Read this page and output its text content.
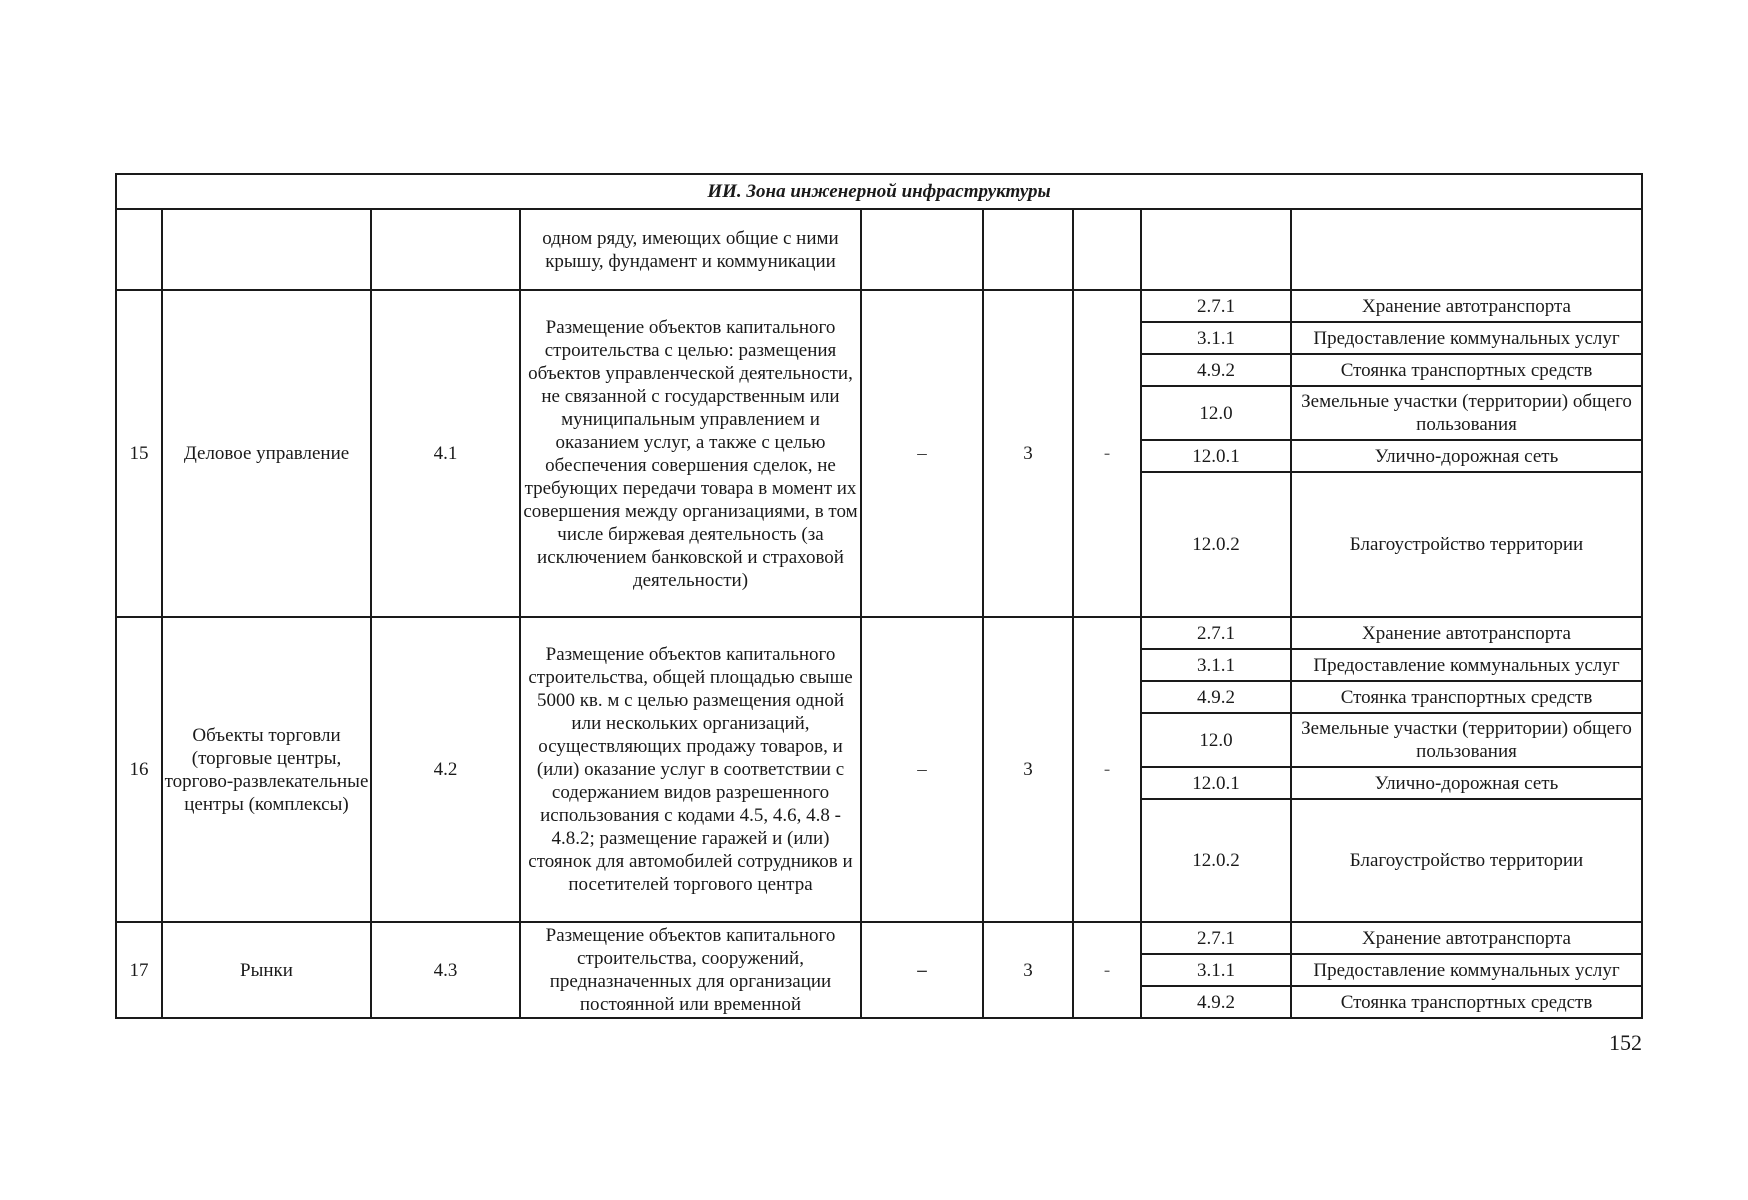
ИИ. Зона инженерной инфраструктуры								
			одном ряду, имеющих общие с ними крышу, фундамент и коммуникации					
15	Деловое управление	4.1	Размещение объектов капитального строительства с целью: размещения объектов управленческой деятельности, не связанной с государственным или муниципальным управлением и оказанием услуг, а также с целью обеспечения совершения сделок, не требующих передачи товара в момент их совершения между организациями, в том числе биржевая деятельность (за исключением банковской и страховой деятельности)	–	3	-	2.7.1	Хранение автотранспорта
							3.1.1	Предоставление коммунальных услуг
							4.9.2	Стоянка транспортных средств
							12.0	Земельные участки (территории) общего пользования
							12.0.1	Улично-дорожная сеть
							12.0.2	Благоустройство территории
16	Объекты торговли (торговые центры, торгово-развлекательные центры (комплексы)	4.2	Размещение объектов капитального строительства, общей площадью свыше 5000 кв. м с целью размещения одной или нескольких организаций, осуществляющих продажу товаров, и (или) оказание услуг в соответствии с содержанием видов разрешенного использования с кодами 4.5, 4.6, 4.8 - 4.8.2; размещение гаражей и (или) стоянок для автомобилей сотрудников и посетителей торгового центра	–	3	-	2.7.1	Хранение автотранспорта
							3.1.1	Предоставление коммунальных услуг
							4.9.2	Стоянка транспортных средств
							12.0	Земельные участки (территории) общего пользования
							12.0.1	Улично-дорожная сеть
							12.0.2	Благоустройство территории
17	Рынки	4.3	Размещение объектов капитального строительства, сооружений, предназначенных для организации постоянной или временной	–	3	-	2.7.1	Хранение автотранспорта
							3.1.1	Предоставление коммунальных услуг
							4.9.2	Стоянка транспортных средств
152
